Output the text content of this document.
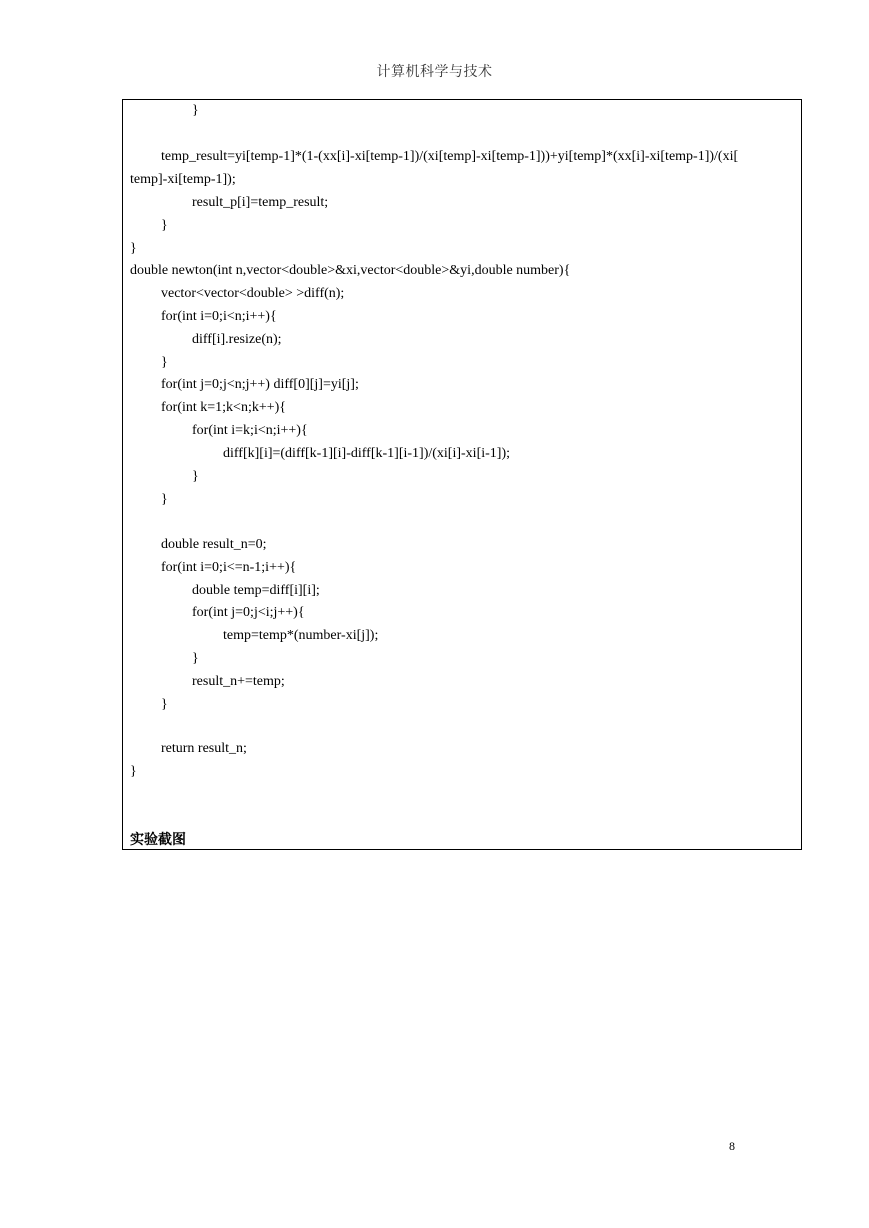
计算机科学与技术
}
temp_result=yi[temp-1]*(1-(xx[i]-xi[temp-1])/(xi[temp]-xi[temp-1]))+yi[temp]*(xx[i]-xi[temp-1])/(xi[
temp]-xi[temp-1]);
result_p[i]=temp_result;
}
}
double newton(int n,vector<double>&xi,vector<double>&yi,double number){
vector<vector<double> >diff(n);
for(int i=0;i<n;i++){
diff[i].resize(n);
}
for(int j=0;j<n;j++) diff[0][j]=yi[j];
for(int k=1;k<n;k++){
for(int i=k;i<n;i++){
diff[k][i]=(diff[k-1][i]-diff[k-1][i-1])/(xi[i]-xi[i-1]);
}
}
double result_n=0;
for(int i=0;i<=n-1;i++){
double temp=diff[i][i];
for(int j=0;j<i;j++){
temp=temp*(number-xi[j]);
}
result_n+=temp;
}
return result_n;
}
实验截图
8
